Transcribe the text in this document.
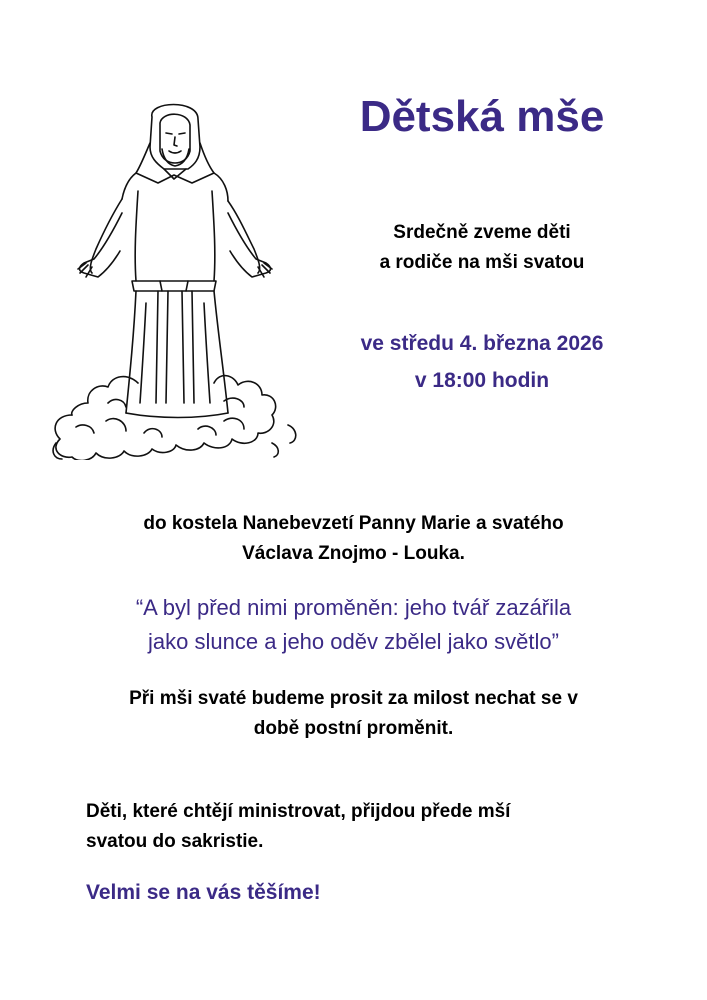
Dětská mše
Srdečně zveme děti
a rodiče na mši svatou
ve středu 4. března 2026
v 18:00 hodin
do kostela Nanebevzetí Panny Marie a svatého
Václava Znojmo - Louka.
“A byl před nimi proměněn: jeho tvář zazářila
jako slunce a jeho oděv zbělel jako světlo”
Při mši svaté budeme prosit za milost nechat se v
době postní proměnit.
Děti, které chtějí ministrovat, přijdou přede mší
svatou do sakristie.
Velmi se na vás těšíme!
